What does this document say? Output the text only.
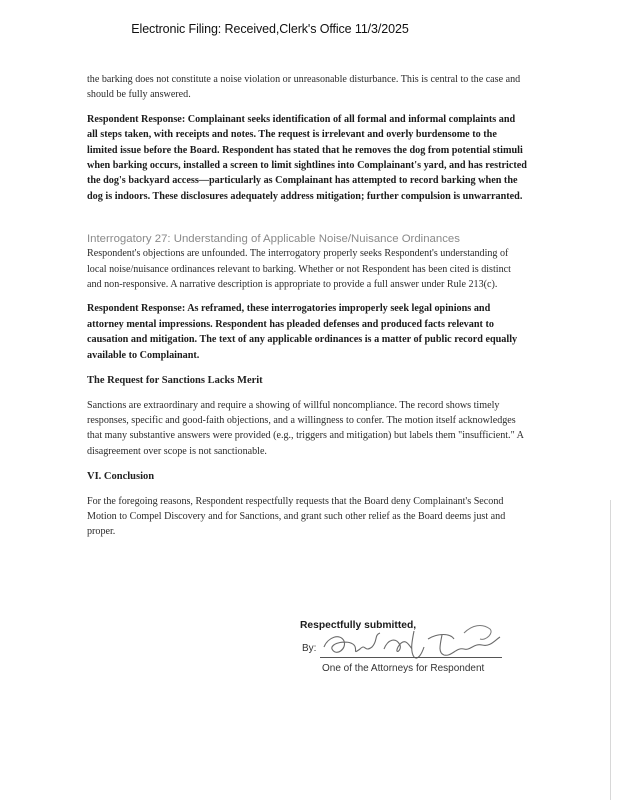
Electronic Filing: Received,Clerk's Office 11/3/2025

the barking does not constitute a noise violation or unreasonable disturbance. This is central to the case and should be fully answered.

Respondent Response: Complainant seeks identification of all formal and informal complaints and all steps taken, with receipts and notes. The request is irrelevant and overly burdensome to the limited issue before the Board. Respondent has stated that he removes the dog from potential stimuli when barking occurs, installed a screen to limit sightlines into Complainant's yard, and has restricted the dog's backyard access—particularly as Complainant has attempted to record barking when the dog is indoors. These disclosures adequately address mitigation; further compulsion is unwarranted.

Interrogatory 27: Understanding of Applicable Noise/Nuisance Ordinances

Respondent's objections are unfounded. The interrogatory properly seeks Respondent's understanding of local noise/nuisance ordinances relevant to barking. Whether or not Respondent has been cited is distinct and non-responsive. A narrative description is appropriate to provide a full answer under Rule 213(c).

Respondent Response: As reframed, these interrogatories improperly seek legal opinions and attorney mental impressions. Respondent has pleaded defenses and produced facts relevant to causation and mitigation. The text of any applicable ordinances is a matter of public record equally available to Complainant.

The Request for Sanctions Lacks Merit

Sanctions are extraordinary and require a showing of willful noncompliance. The record shows timely responses, specific and good-faith objections, and a willingness to confer. The motion itself acknowledges that many substantive answers were provided (e.g., triggers and mitigation) but labels them "insufficient." A disagreement over scope is not sanctionable.

VI. Conclusion

For the foregoing reasons, Respondent respectfully requests that the Board deny Complainant's Second Motion to Compel Discovery and for Sanctions, and grant such other relief as the Board deems just and proper.

Respectfully submitted,
By:
One of the Attorneys for Respondent
